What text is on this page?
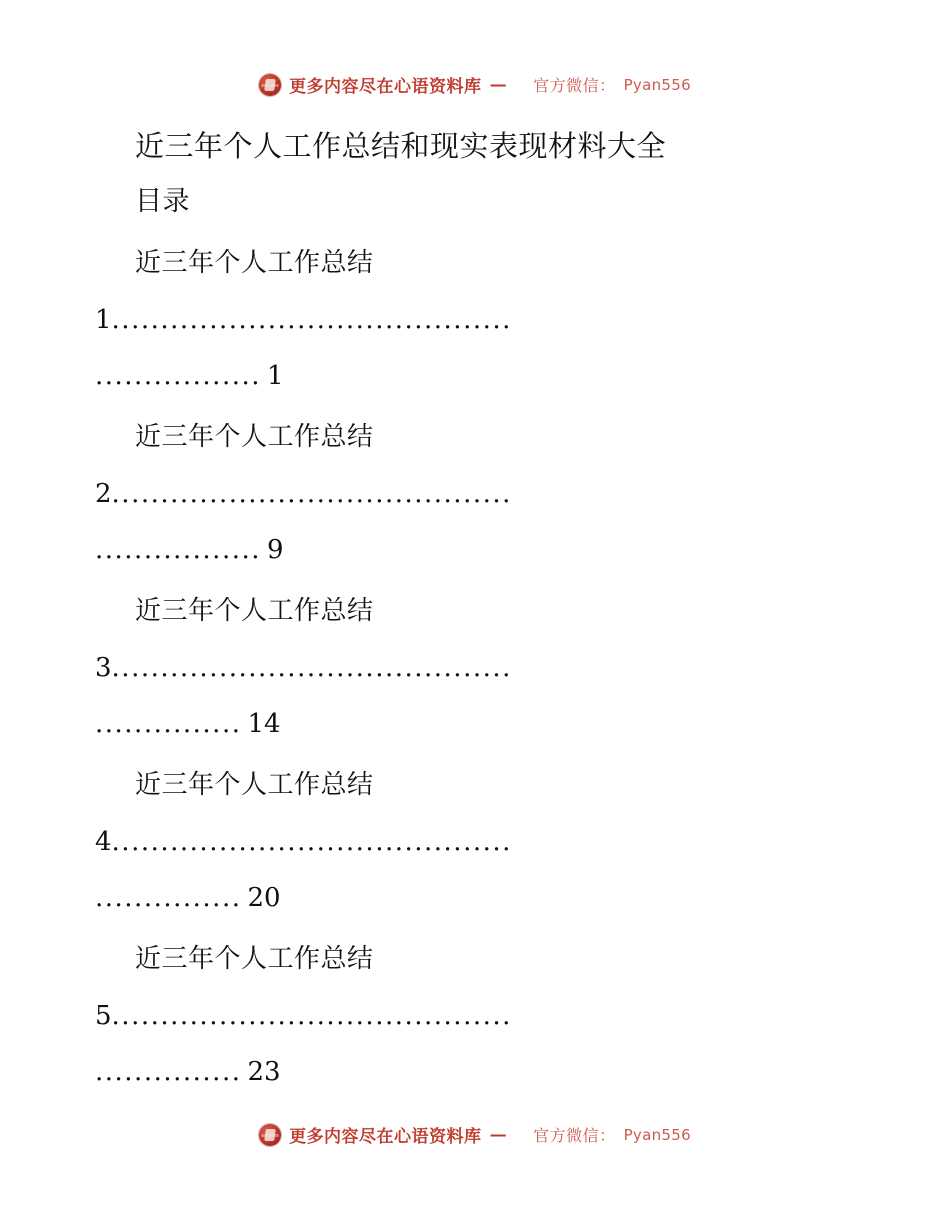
更多内容尽在心语资料库 — 官方微信： Pyan556
近三年个人工作总结和现实表现材料大全
目录
近三年个人工作总结
1.........................................
................. 1
近三年个人工作总结
2.........................................
................. 9
近三年个人工作总结
3.........................................
............... 14
近三年个人工作总结
4.........................................
............... 20
近三年个人工作总结
5.........................................
............... 23
更多内容尽在心语资料库 — 官方微信： Pyan556
